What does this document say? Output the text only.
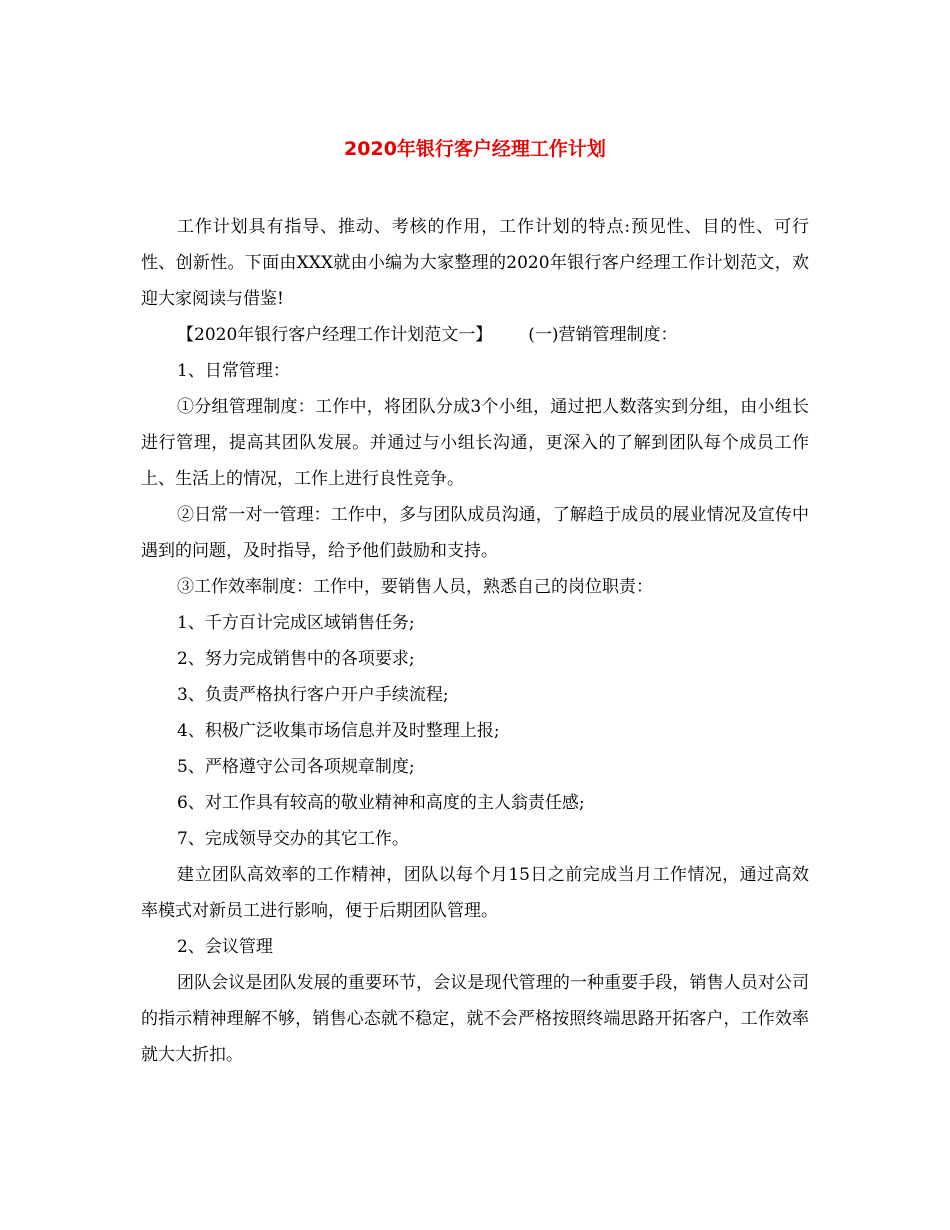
2020年银行客户经理工作计划

工作计划具有指导、推动、考核的作用，工作计划的特点:预见性、目的性、可行性、创新性。下面由XXX就由小编为大家整理的2020年银行客户经理工作计划范文，欢迎大家阅读与借鉴!

【2020年银行客户经理工作计划范文一】 (一)营销管理制度：

1、日常管理：

①分组管理制度：工作中，将团队分成3个小组，通过把人数落实到分组，由小组长进行管理，提高其团队发展。并通过与小组长沟通，更深入的了解到团队每个成员工作上、生活上的情况，工作上进行良性竞争。

②日常一对一管理：工作中，多与团队成员沟通，了解趋于成员的展业情况及宣传中遇到的问题，及时指导，给予他们鼓励和支持。

③工作效率制度：工作中，要销售人员，熟悉自己的岗位职责：

1、千方百计完成区域销售任务;

2、努力完成销售中的各项要求;

3、负责严格执行客户开户手续流程;

4、积极广泛收集市场信息并及时整理上报;

5、严格遵守公司各项规章制度;

6、对工作具有较高的敬业精神和高度的主人翁责任感;

7、完成领导交办的其它工作。

建立团队高效率的工作精神，团队以每个月15日之前完成当月工作情况，通过高效率模式对新员工进行影响，便于后期团队管理。

2、会议管理

团队会议是团队发展的重要环节，会议是现代管理的一种重要手段，销售人员对公司的指示精神理解不够，销售心态就不稳定，就不会严格按照终端思路开拓客户，工作效率就大大折扣。
